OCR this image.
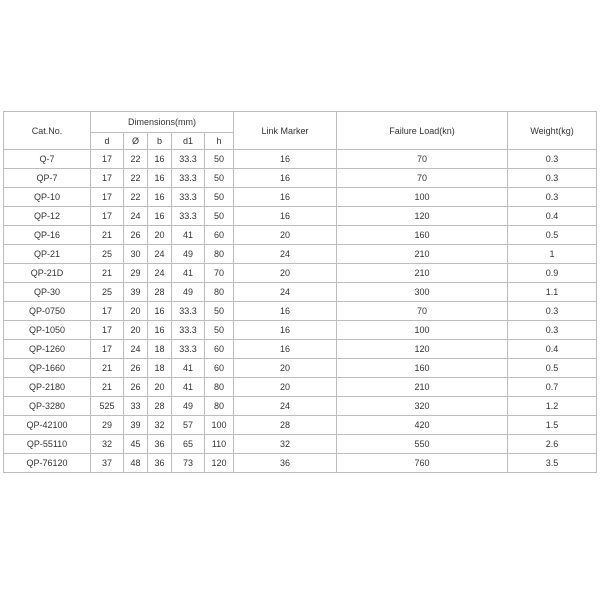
Cat.No.	Dimensions(mm)					Link Marker	Failure Load(kn)	Weight(kg)
	d	Ø	b	d1	h			
Q-7	17	22	16	33.3	50	16	70	0.3
QP-7	17	22	16	33.3	50	16	70	0.3
QP-10	17	22	16	33.3	50	16	100	0.3
QP-12	17	24	16	33.3	50	16	120	0.4
QP-16	21	26	20	41	60	20	160	0.5
QP-21	25	30	24	49	80	24	210	1
QP-21D	21	29	24	41	70	20	210	0.9
QP-30	25	39	28	49	80	24	300	1.1
QP-0750	17	20	16	33.3	50	16	70	0.3
QP-1050	17	20	16	33.3	50	16	100	0.3
QP-1260	17	24	18	33.3	60	16	120	0.4
QP-1660	21	26	18	41	60	20	160	0.5
QP-2180	21	26	20	41	80	20	210	0.7
QP-3280	525	33	28	49	80	24	320	1.2
QP-42100	29	39	32	57	100	28	420	1.5
QP-55110	32	45	36	65	110	32	550	2.6
QP-76120	37	48	36	73	120	36	760	3.5
